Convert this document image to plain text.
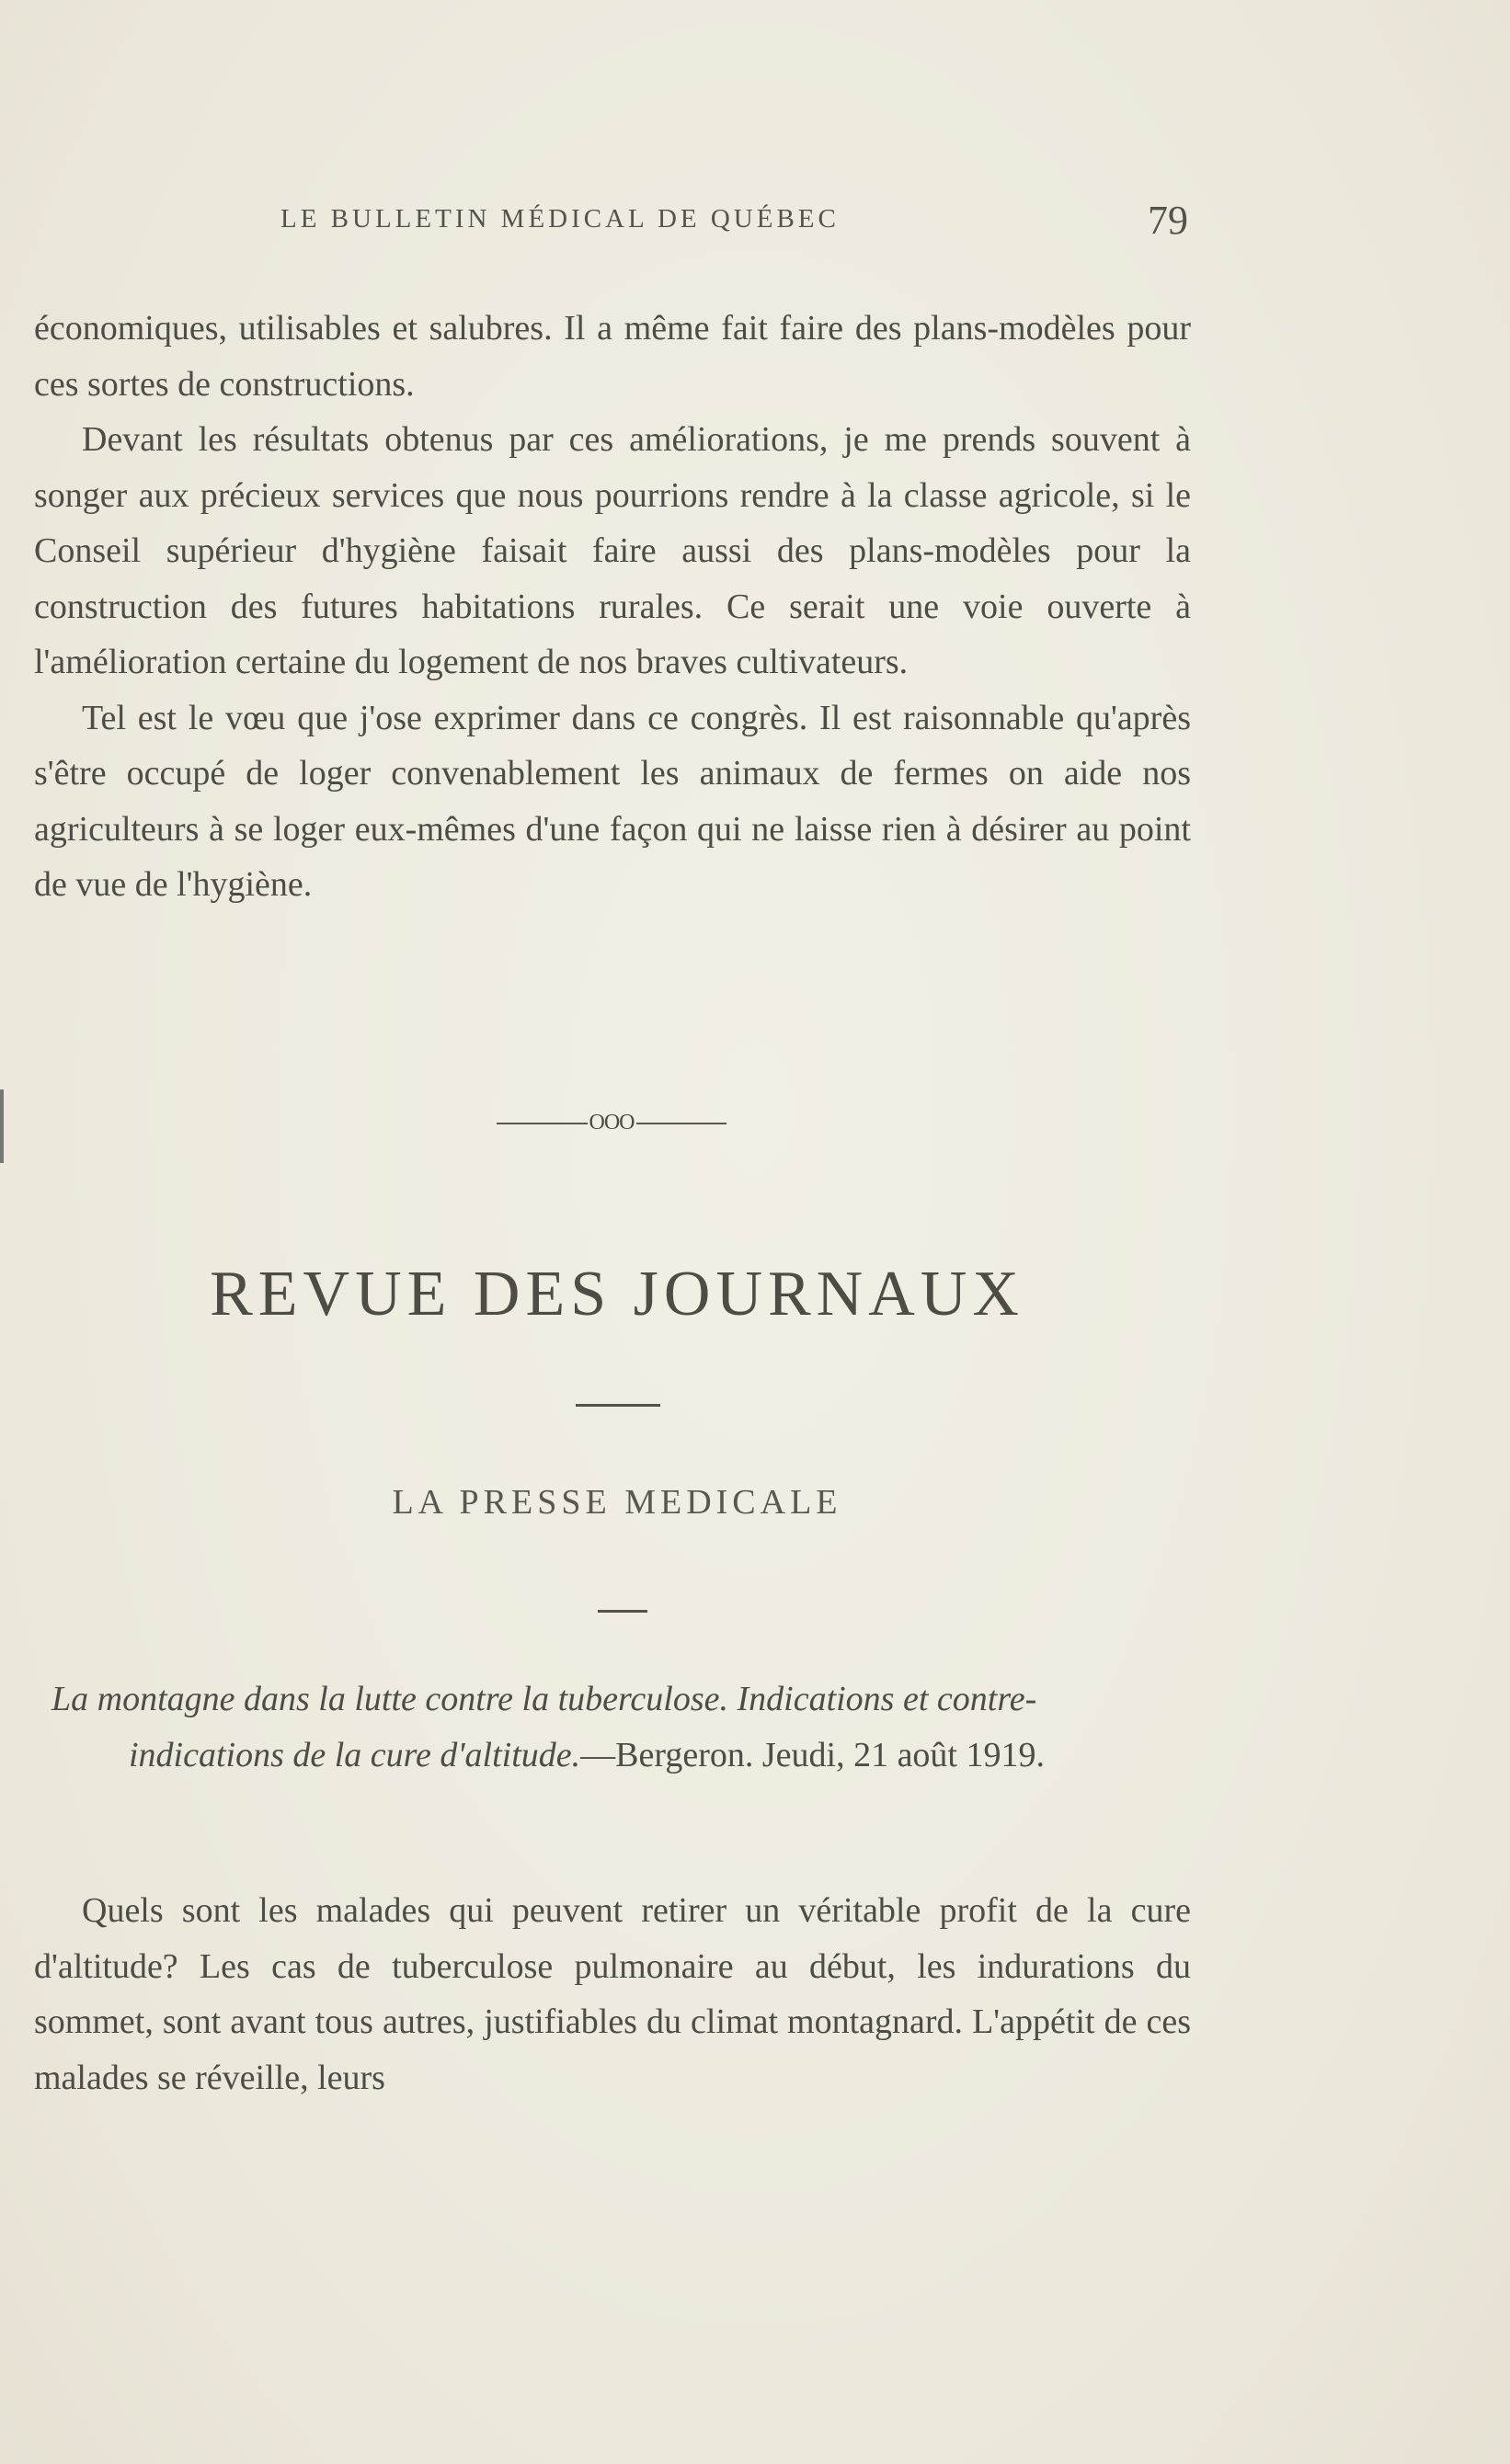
LE BULLETIN MÉDICAL DE QUÉBEC	79

économiques, utilisables et salubres. Il a même fait faire des plans-modèles pour ces sortes de constructions.

Devant les résultats obtenus par ces améliorations, je me prends souvent à songer aux précieux services que nous pourrions rendre à la classe agricole, si le Conseil supérieur d'hygiène faisait faire aussi des plans-modèles pour la construction des futures habitations rurales. Ce serait une voie ouverte à l'amélioration certaine du logement de nos braves cultivateurs.

Tel est le vœu que j'ose exprimer dans ce congrès. Il est raisonnable qu'après s'être occupé de loger convenablement les animaux de fermes on aide nos agriculteurs à se loger eux-mêmes d'une façon qui ne laisse rien à désirer au point de vue de l'hygiène.

OOO
REVUE DES JOURNAUX
LA PRESSE MEDICALE

La montagne dans la lutte contre la tuberculose. Indications et contre- indications de la cure d'altitude.—Bergeron. Jeudi, 21 août 1919.

Quels sont les malades qui peuvent retirer un véritable profit de la cure d'altitude? Les cas de tuberculose pulmonaire au début, les indurations du sommet, sont avant tous autres, justifiables du climat montagnard. L'appétit de ces malades se réveille, leurs
